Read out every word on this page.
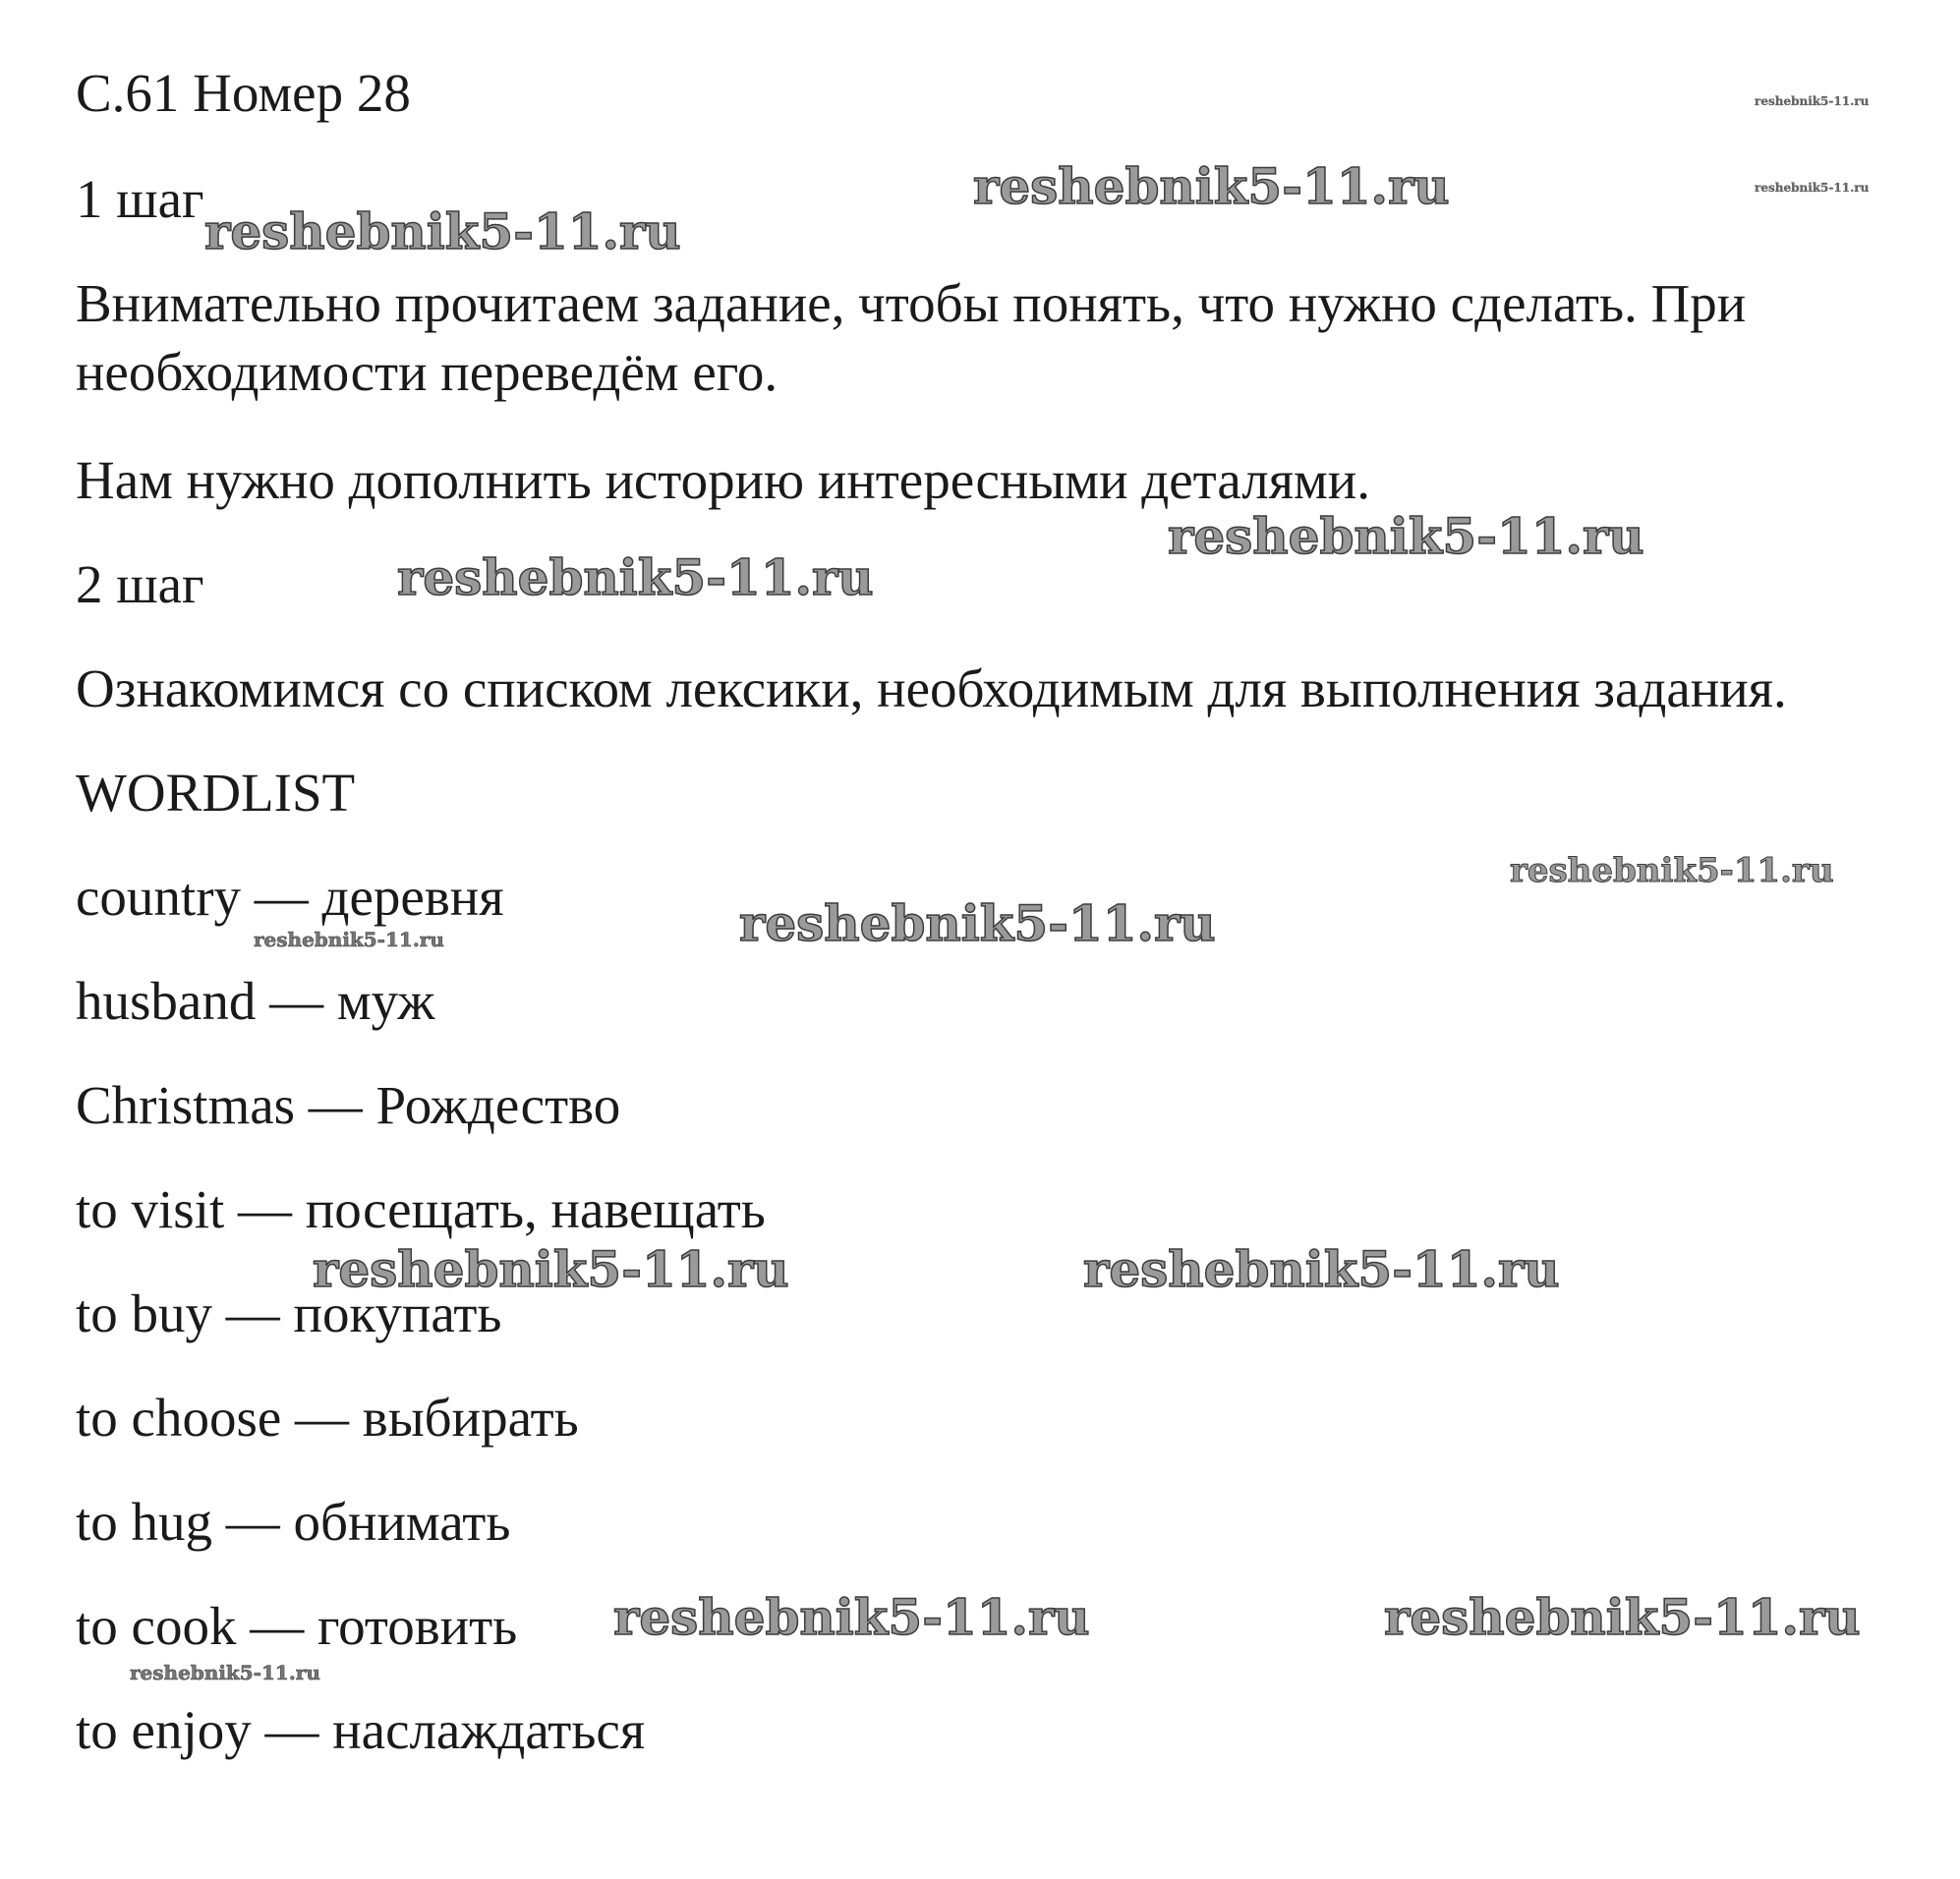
С.61 Номер 28
1 шаг

Внимательно прочитаем задание, чтобы понять, что нужно сделать. При

необходимости переведём его.

Нам нужно дополнить историю интересными деталями.

2 шаг

Ознакомимся со списком лексики, необходимым для выполнения задания.

WORDLIST
country — деревня
husband — муж
Christmas — Рождество
to visit — посещать, навещать
to buy — покупать
to choose — выбирать
to hug — обнимать
to cook — готовить
to enjoy — наслаждаться
reshebnik5-11.ru
reshebnik5-11.ru
reshebnik5-11.ru
reshebnik5-11.ru
reshebnik5-11.ru
reshebnik5-11.ru
reshebnik5-11.ru
reshebnik5-11.ru
reshebnik5-11.ru
reshebnik5-11.ru	reshebnik5-11.ru
reshebnik5-11.ru	reshebnik5-11.ru
reshebnik5-11.ru
